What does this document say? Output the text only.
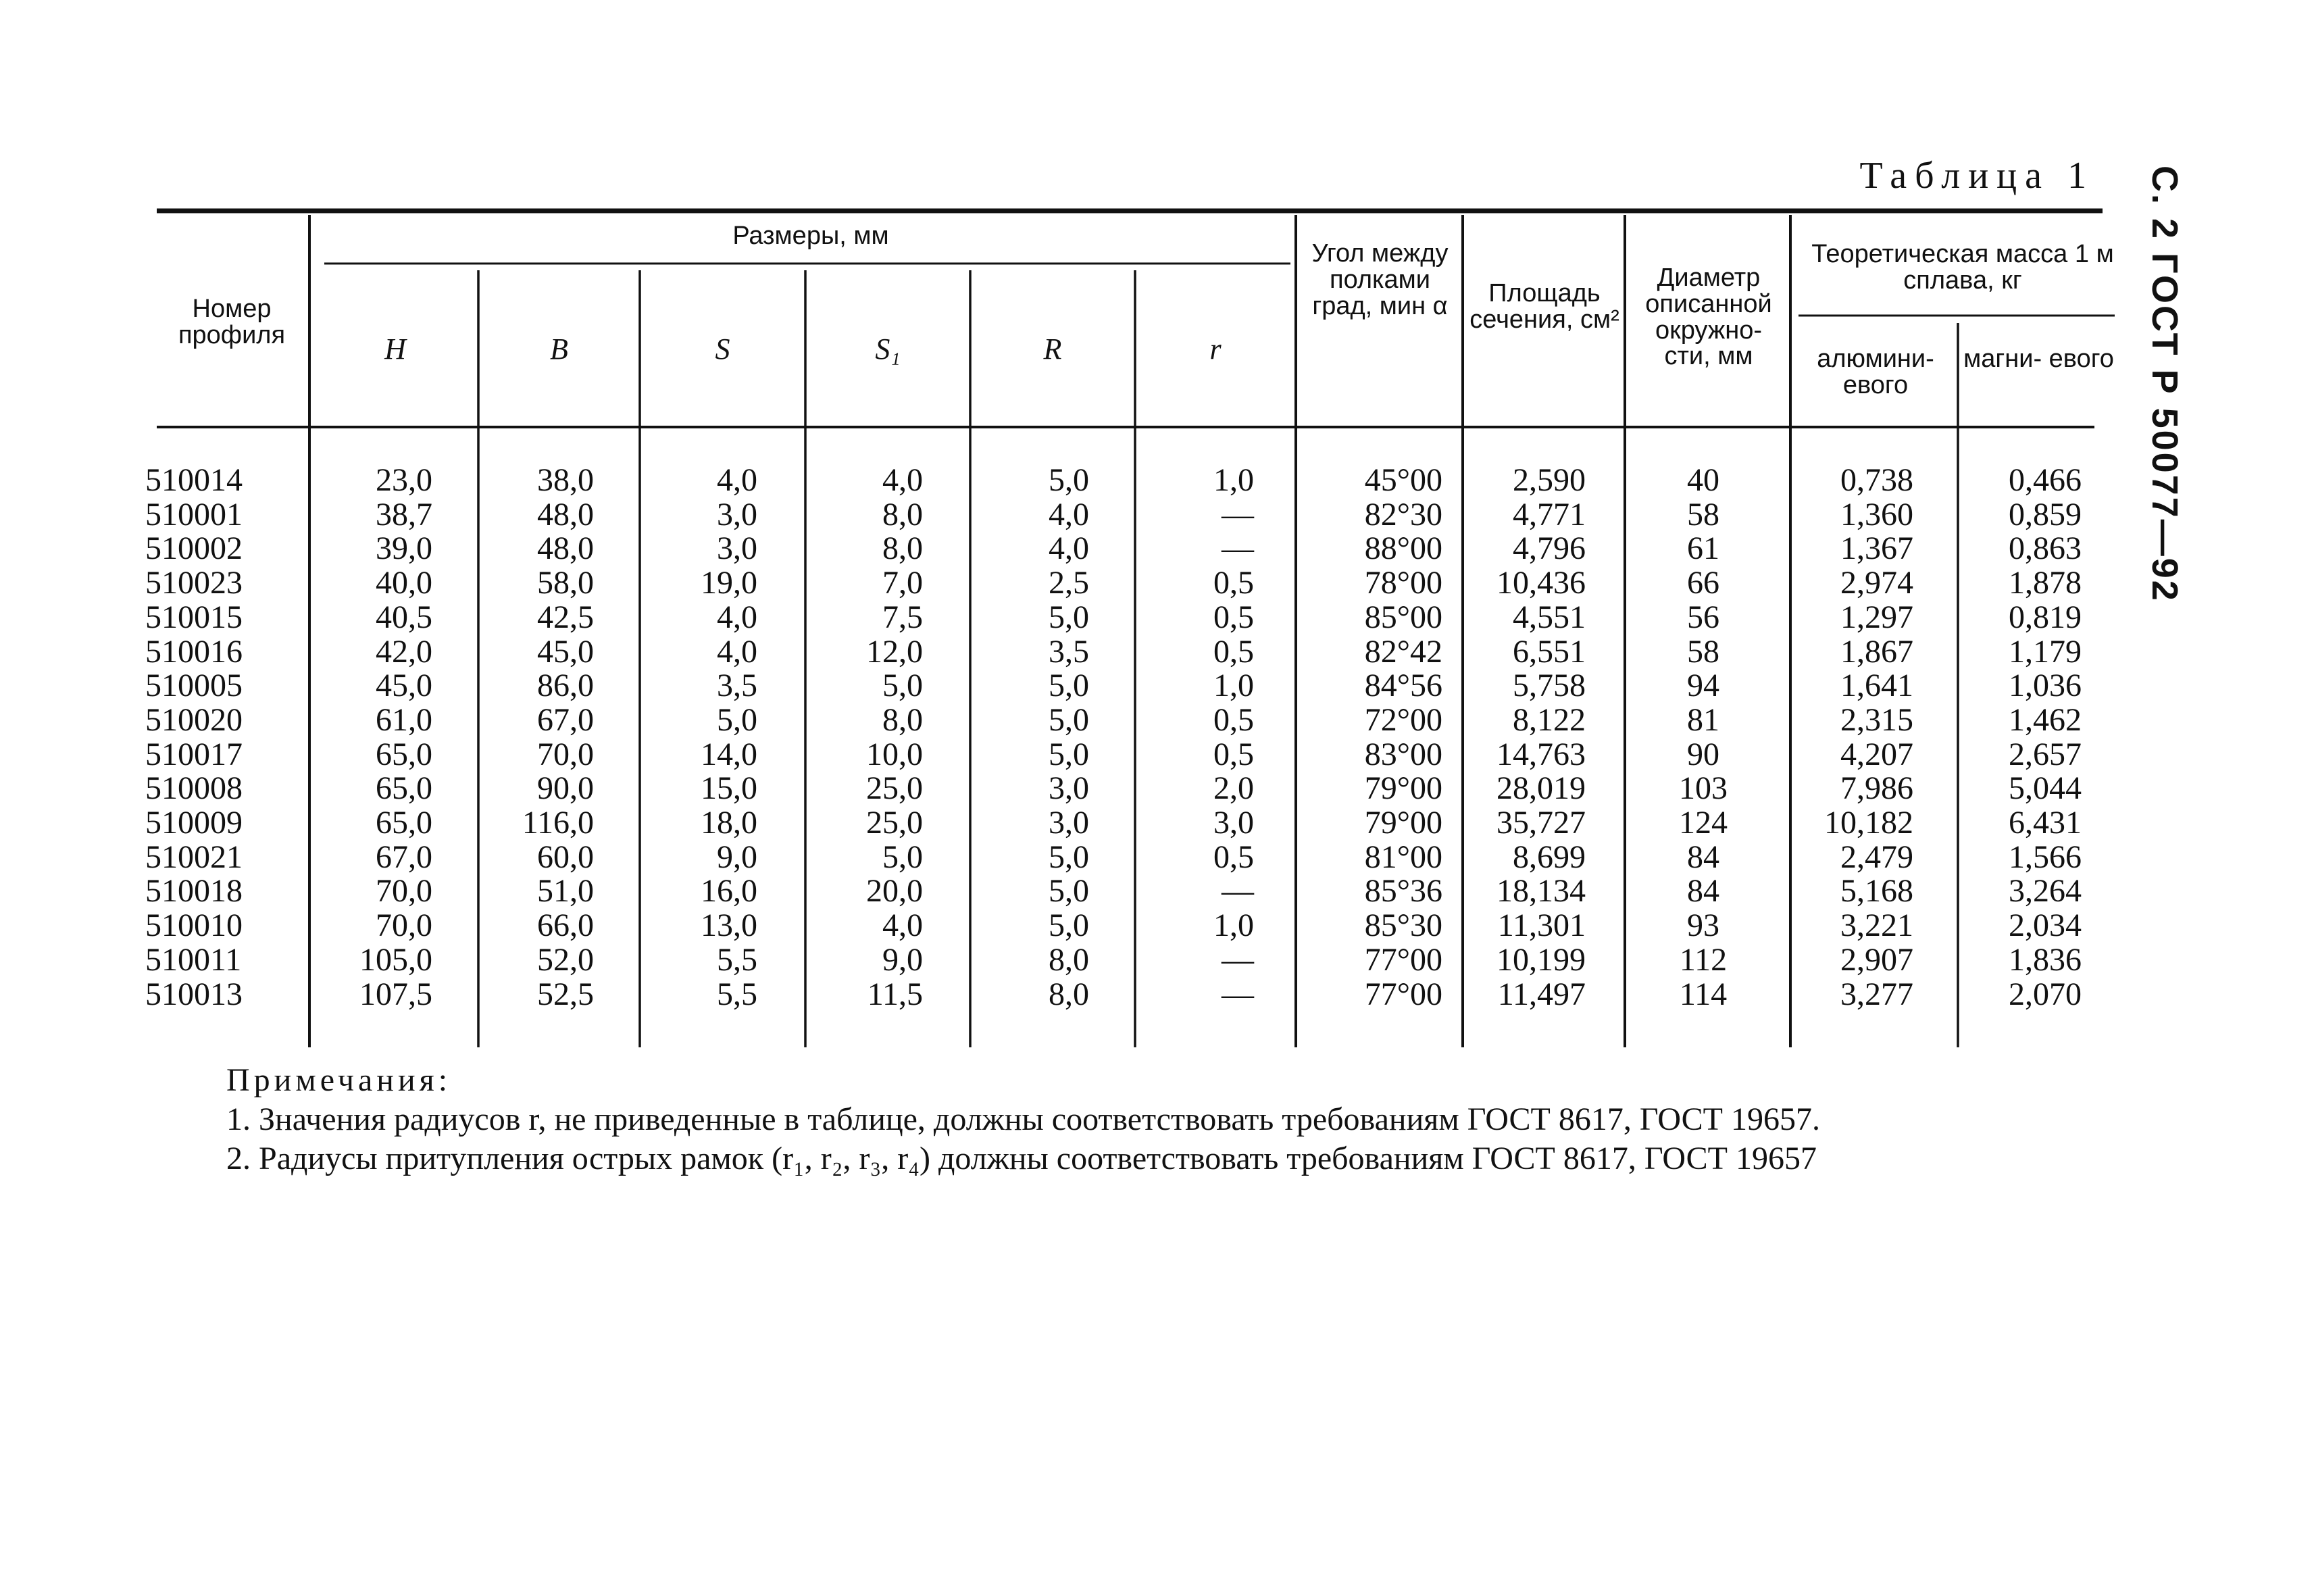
Таблица 1 С. 2 ГОСТ Р 50077—92
Номер профиля
Размеры, мм
H	B	S	S₁	R	r
Угол между полками град, мин α	Площадь сечения, см²
Диаметр описанной окружно- сти, мм
Теоретическая масса 1 м сплава, кг
алюмини- евого
магни- евого
510014	23,0	38,0	4,0	4,0	5,0	1,0	45°00	2,590	40	0,738	0,466
510001	38,7	48,0	3,0	8,0	4,0	—	82°30	4,771	58	1,360	0,859
510002	39,0	48,0	3,0	8,0	4,0	—	88°00	4,796	61	1,367	0,863
510023	40,0	58,0	19,0	7,0	2,5	0,5	78°00	10,436	66	2,974	1,878
510015	40,5	42,5	4,0	7,5	5,0	0,5	85°00	4,551	56	1,297	0,819
510016	42,0	45,0	4,0	12,0	3,5	0,5	82°42	6,551	58	1,867	1,179
510005	45,0	86,0	3,5	5,0	5,0	1,0	84°56	5,758	94	1,641	1,036
510020	61,0	67,0	5,0	8,0	5,0	0,5	72°00	8,122	81	2,315	1,462
510017	65,0	70,0	14,0	10,0	5,0	0,5	83°00	14,763	90	4,207	2,657
510008	65,0	90,0	15,0	25,0	3,0	2,0	79°00	28,019	103	7,986	5,044
510009	65,0	116,0	18,0	25,0	3,0	3,0	79°00	35,727	124	10,182	6,431
510021	67,0	60,0	9,0	5,0	5,0	0,5	81°00	8,699	84	2,479	1,566
510018	70,0	51,0	16,0	20,0	5,0	—	85°36	18,134	84	5,168	3,264
510010	70,0	66,0	13,0	4,0	5,0	1,0	85°30	11,301	93	3,221	2,034
510011	105,0	52,0	5,5	9,0	8,0	—	77°00	10,199	112	2,907	1,836
510013	107,5	52,5	5,5	11,5	8,0	—	77°00	11,497	114	3,277	2,070
Примечания:
1. Значения радиусов r, не приведенные в таблице, должны соответствовать требованиям ГОСТ 8617, ГОСТ 19657.
2. Радиусы притупления острых рамок (r₁, r₂, r₃, r₄) должны соответствовать требованиям ГОСТ 8617, ГОСТ 19657
